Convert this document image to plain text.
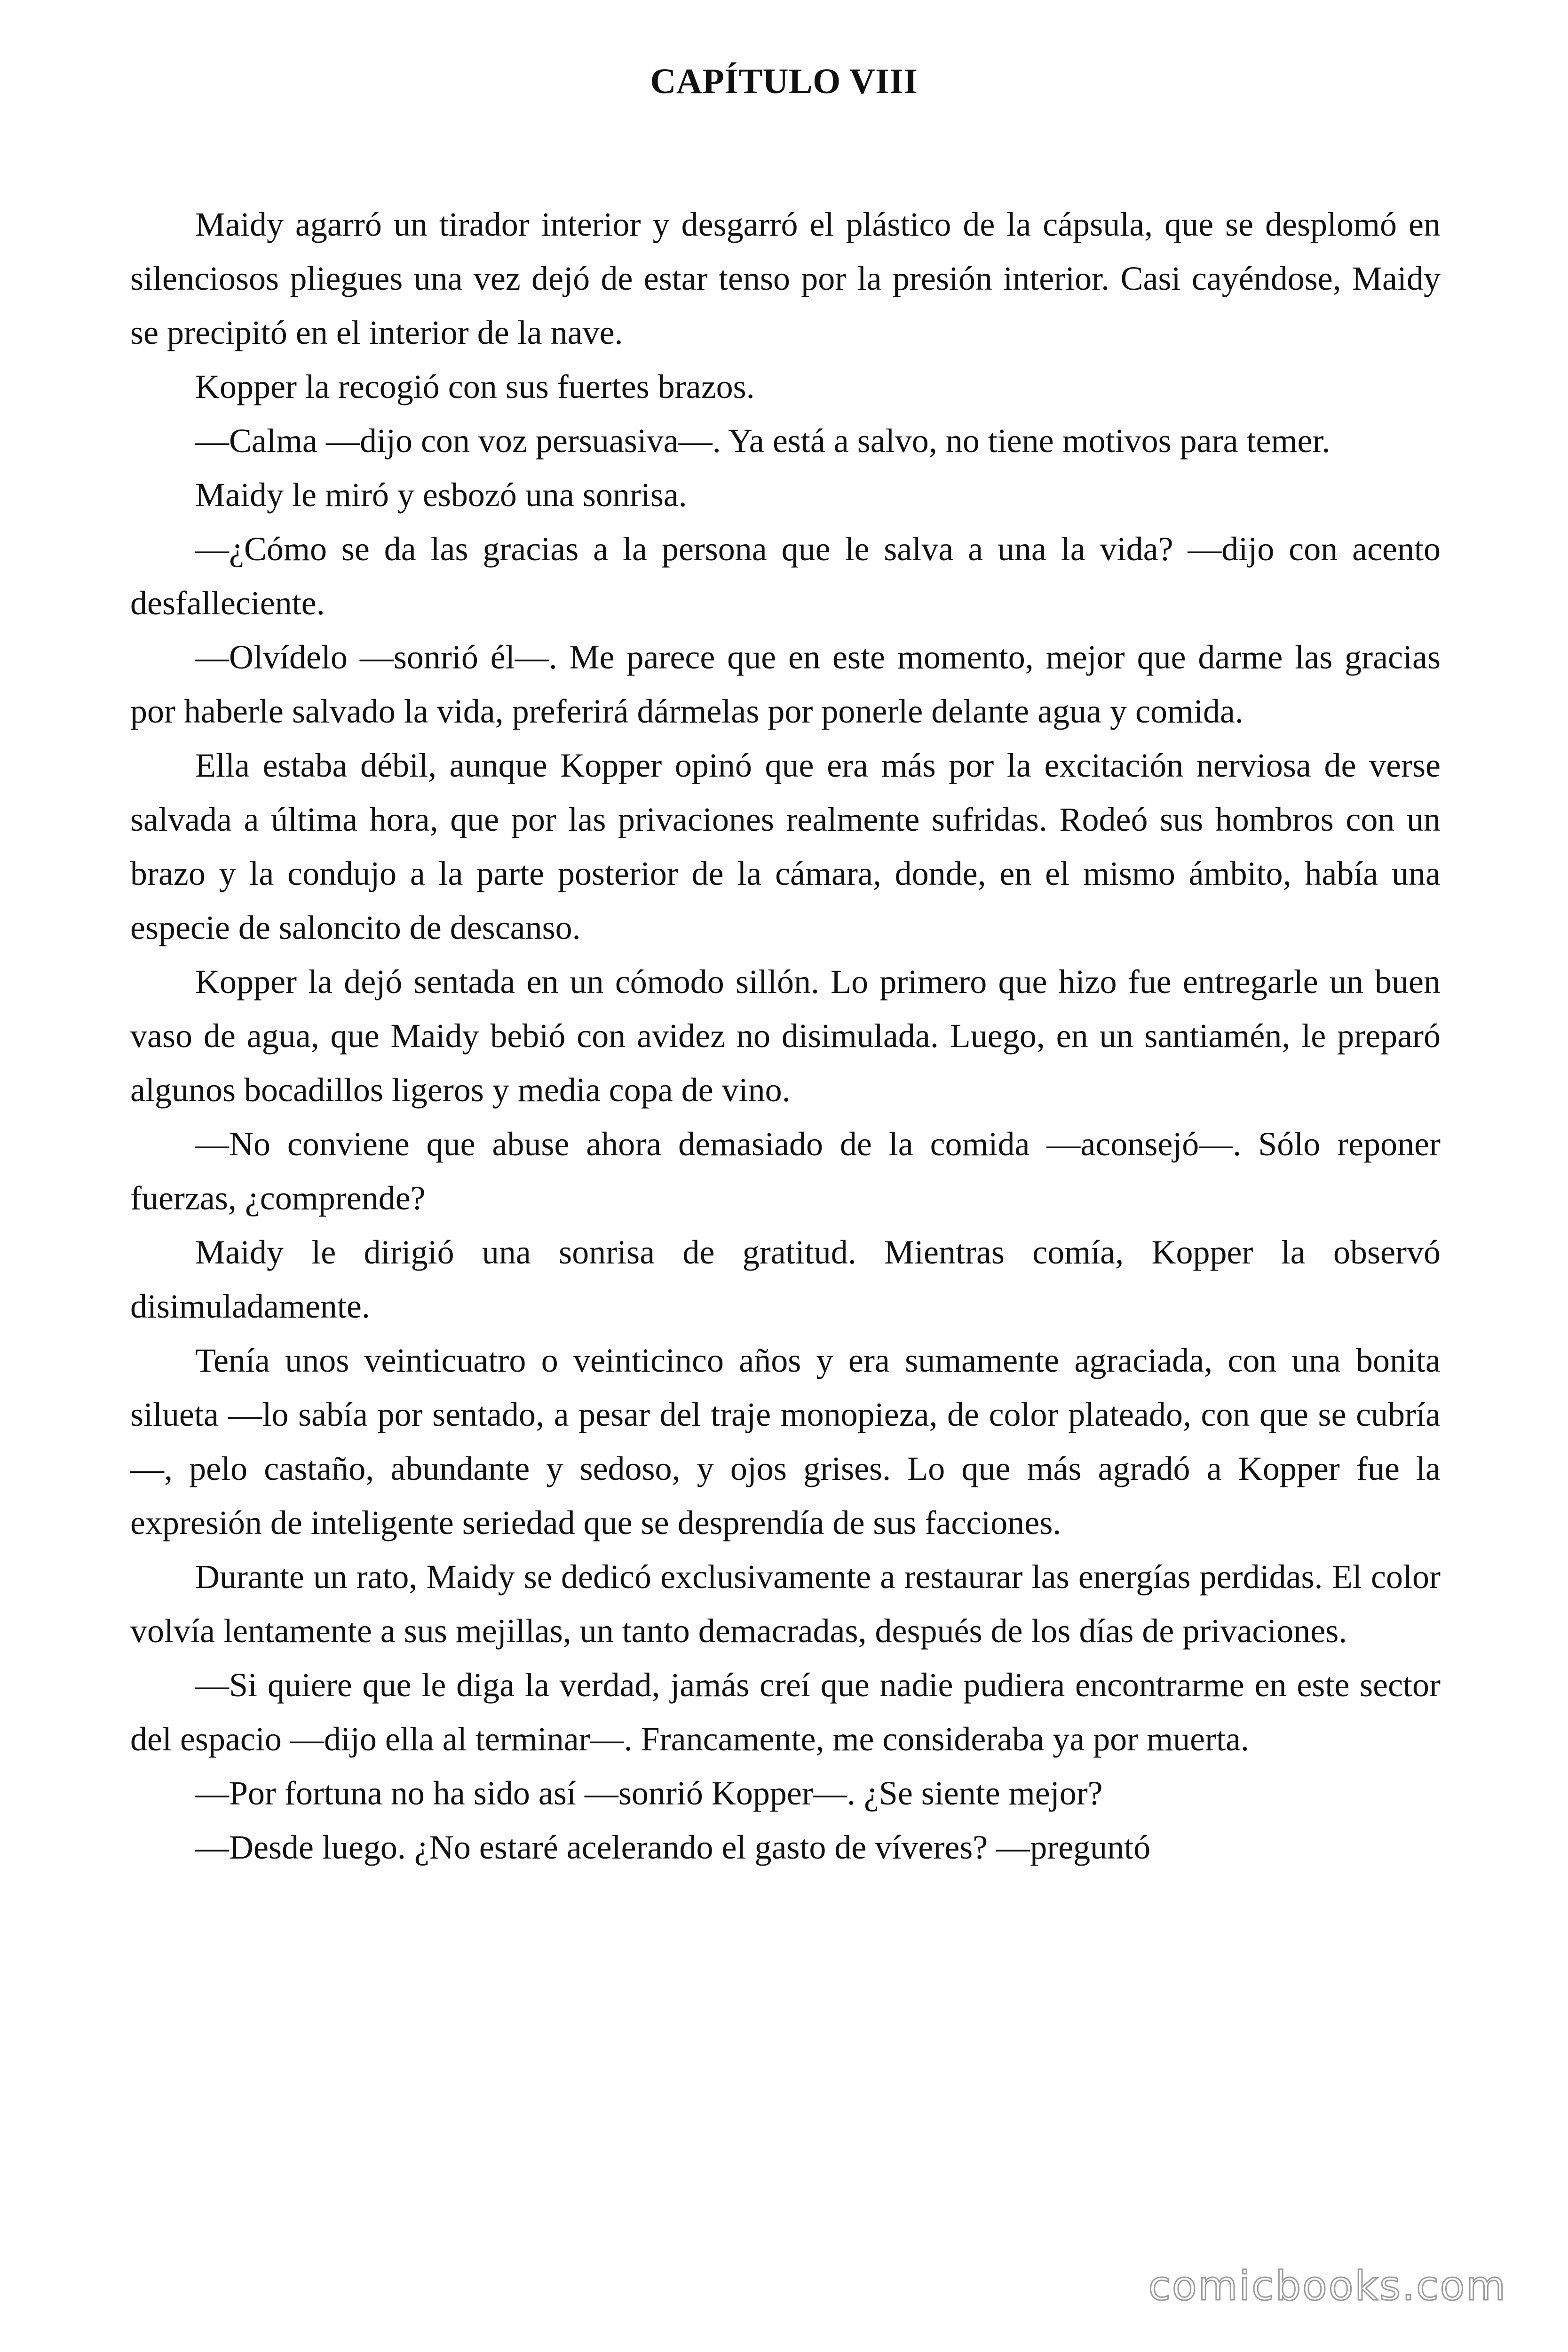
CAPÍTULO VIII

Maidy agarró un tirador interior y desgarró el plástico de la cápsula, que se desplomó en silenciosos pliegues una vez dejó de estar tenso por la presión interior. Casi cayéndose, Maidy se precipitó en el interior de la nave.

Kopper la recogió con sus fuertes brazos.

—Calma —dijo con voz persuasiva—. Ya está a salvo, no tiene motivos para temer.

Maidy le miró y esbozó una sonrisa.

—¿Cómo se da las gracias a la persona que le salva a una la vida? —dijo con acento desfalleciente.

—Olvídelo —sonrió él—. Me parece que en este momento, mejor que darme las gracias por haberle salvado la vida, preferirá dármelas por ponerle delante agua y comida.

Ella estaba débil, aunque Kopper opinó que era más por la excitación nerviosa de verse salvada a última hora, que por las privaciones realmente sufridas. Rodeó sus hombros con un brazo y la condujo a la parte posterior de la cámara, donde, en el mismo ámbito, había una especie de saloncito de descanso.

Kopper la dejó sentada en un cómodo sillón. Lo primero que hizo fue entregarle un buen vaso de agua, que Maidy bebió con avidez no disimulada. Luego, en un santiamén, le preparó algunos bocadillos ligeros y media copa de vino.

—No conviene que abuse ahora demasiado de la comida —aconsejó—. Sólo reponer fuerzas, ¿comprende?

Maidy le dirigió una sonrisa de gratitud. Mientras comía, Kopper la observó disimuladamente.

Tenía unos veinticuatro o veinticinco años y era sumamente agraciada, con una bonita silueta —lo sabía por sentado, a pesar del traje monopieza, de color plateado, con que se cubría—, pelo castaño, abundante y sedoso, y ojos grises. Lo que más agradó a Kopper fue la expresión de inteligente seriedad que se desprendía de sus facciones.

Durante un rato, Maidy se dedicó exclusivamente a restaurar las energías perdidas. El color volvía lentamente a sus mejillas, un tanto demacradas, después de los días de privaciones.

—Si quiere que le diga la verdad, jamás creí que nadie pudiera encontrarme en este sector del espacio —dijo ella al terminar—. Francamente, me consideraba ya por muerta.

—Por fortuna no ha sido así —sonrió Kopper—. ¿Se siente mejor?

—Desde luego. ¿No estaré acelerando el gasto de víveres? —preguntó

comicbooks.com
